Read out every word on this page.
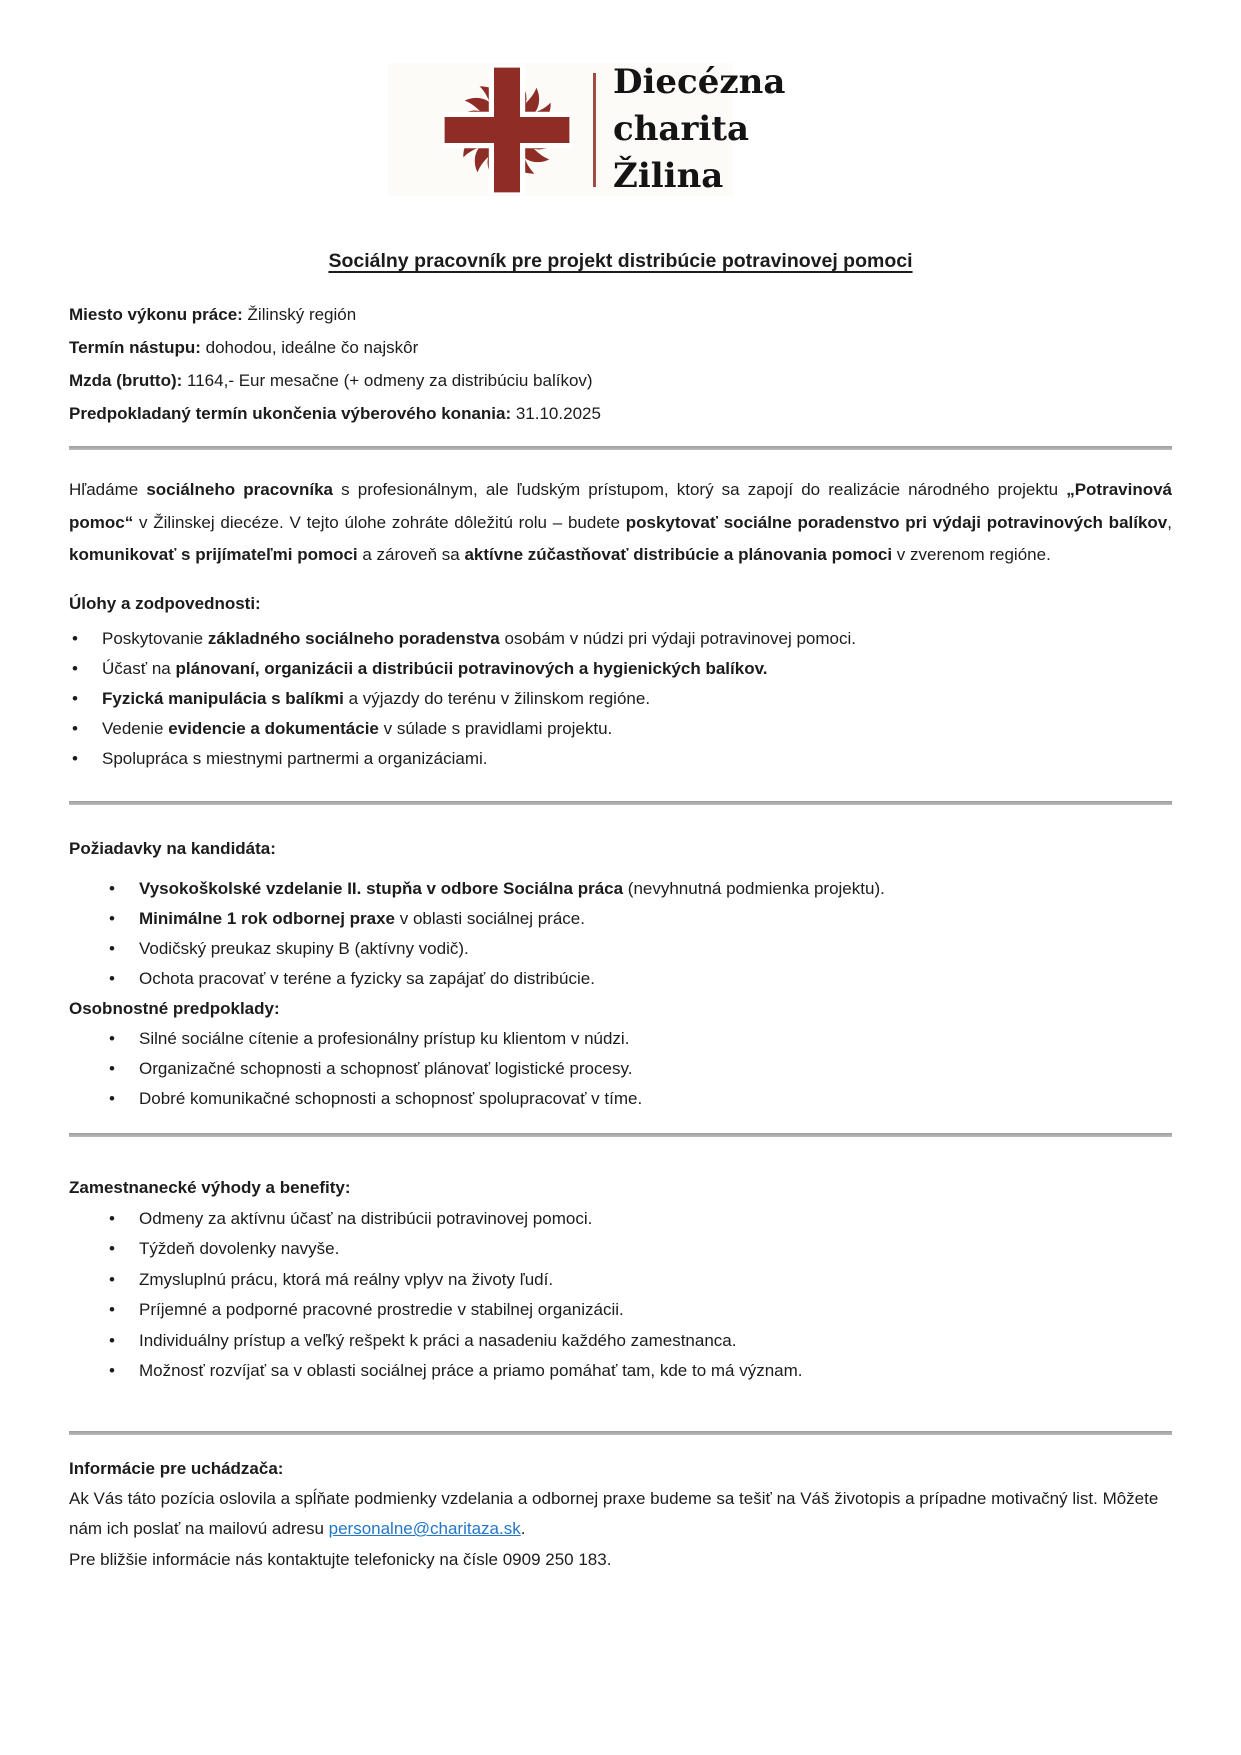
Diecézna
charita
Žilina
Sociálny pracovník pre projekt distribúcie potravinovej pomoci
Miesto výkonu práce: Žilinský región
Termín nástupu: dohodou, ideálne čo najskôr
Mzda (brutto): 1164,- Eur mesačne (+ odmeny za distribúciu balíkov)
Predpokladaný termín ukončenia výberového konania: 31.10.2025

Hľadáme sociálneho pracovníka s profesionálnym, ale ľudským prístupom, ktorý sa zapojí do realizácie národného projektu „Potravinová pomoc“ v Žilinskej diecéze. V tejto úlohe zohráte dôležitú rolu – budete poskytovať sociálne poradenstvo pri výdaji potravinových balíkov, komunikovať s prijímateľmi pomoci a zároveň sa aktívne zúčastňovať distribúcie a plánovania pomoci v zverenom regióne.

Úlohy a zodpovednosti:
• Poskytovanie základného sociálneho poradenstva osobám v núdzi pri výdaji potravinovej pomoci.
• Účasť na plánovaní, organizácii a distribúcii potravinových a hygienických balíkov.
• Fyzická manipulácia s balíkmi a výjazdy do terénu v žilinskom regióne.
• Vedenie evidencie a dokumentácie v súlade s pravidlami projektu.
• Spolupráca s miestnymi partnermi a organizáciami.
Požiadavky na kandidáta:
• Vysokoškolské vzdelanie II. stupňa v odbore Sociálna práca (nevyhnutná podmienka projektu).
• Minimálne 1 rok odbornej praxe v oblasti sociálnej práce.
• Vodičský preukaz skupiny B (aktívny vodič).
• Ochota pracovať v teréne a fyzicky sa zapájať do distribúcie.
Osobnostné predpoklady:
• Silné sociálne cítenie a profesionálny prístup ku klientom v núdzi.
• Organizačné schopnosti a schopnosť plánovať logistické procesy.
• Dobré komunikačné schopnosti a schopnosť spolupracovať v tíme.
Zamestnanecké výhody a benefity:
• Odmeny za aktívnu účasť na distribúcii potravinovej pomoci.
• Týždeň dovolenky navyše.
• Zmysluplnú prácu, ktorá má reálny vplyv na životy ľudí.
• Príjemné a podporné pracovné prostredie v stabilnej organizácii.
• Individuálny prístup a veľký rešpekt k práci a nasadeniu každého zamestnanca.
• Možnosť rozvíjať sa v oblasti sociálnej práce a priamo pomáhať tam, kde to má význam.
Informácie pre uchádzača:

Ak Vás táto pozícia oslovila a spĺňate podmienky vzdelania a odbornej praxe budeme sa tešiť na Váš životopis a prípadne motivačný list. Môžete nám ich poslať na mailovú adresu personalne@charitaza.sk.

Pre bližšie informácie nás kontaktujte telefonicky na čísle 0909 250 183.
